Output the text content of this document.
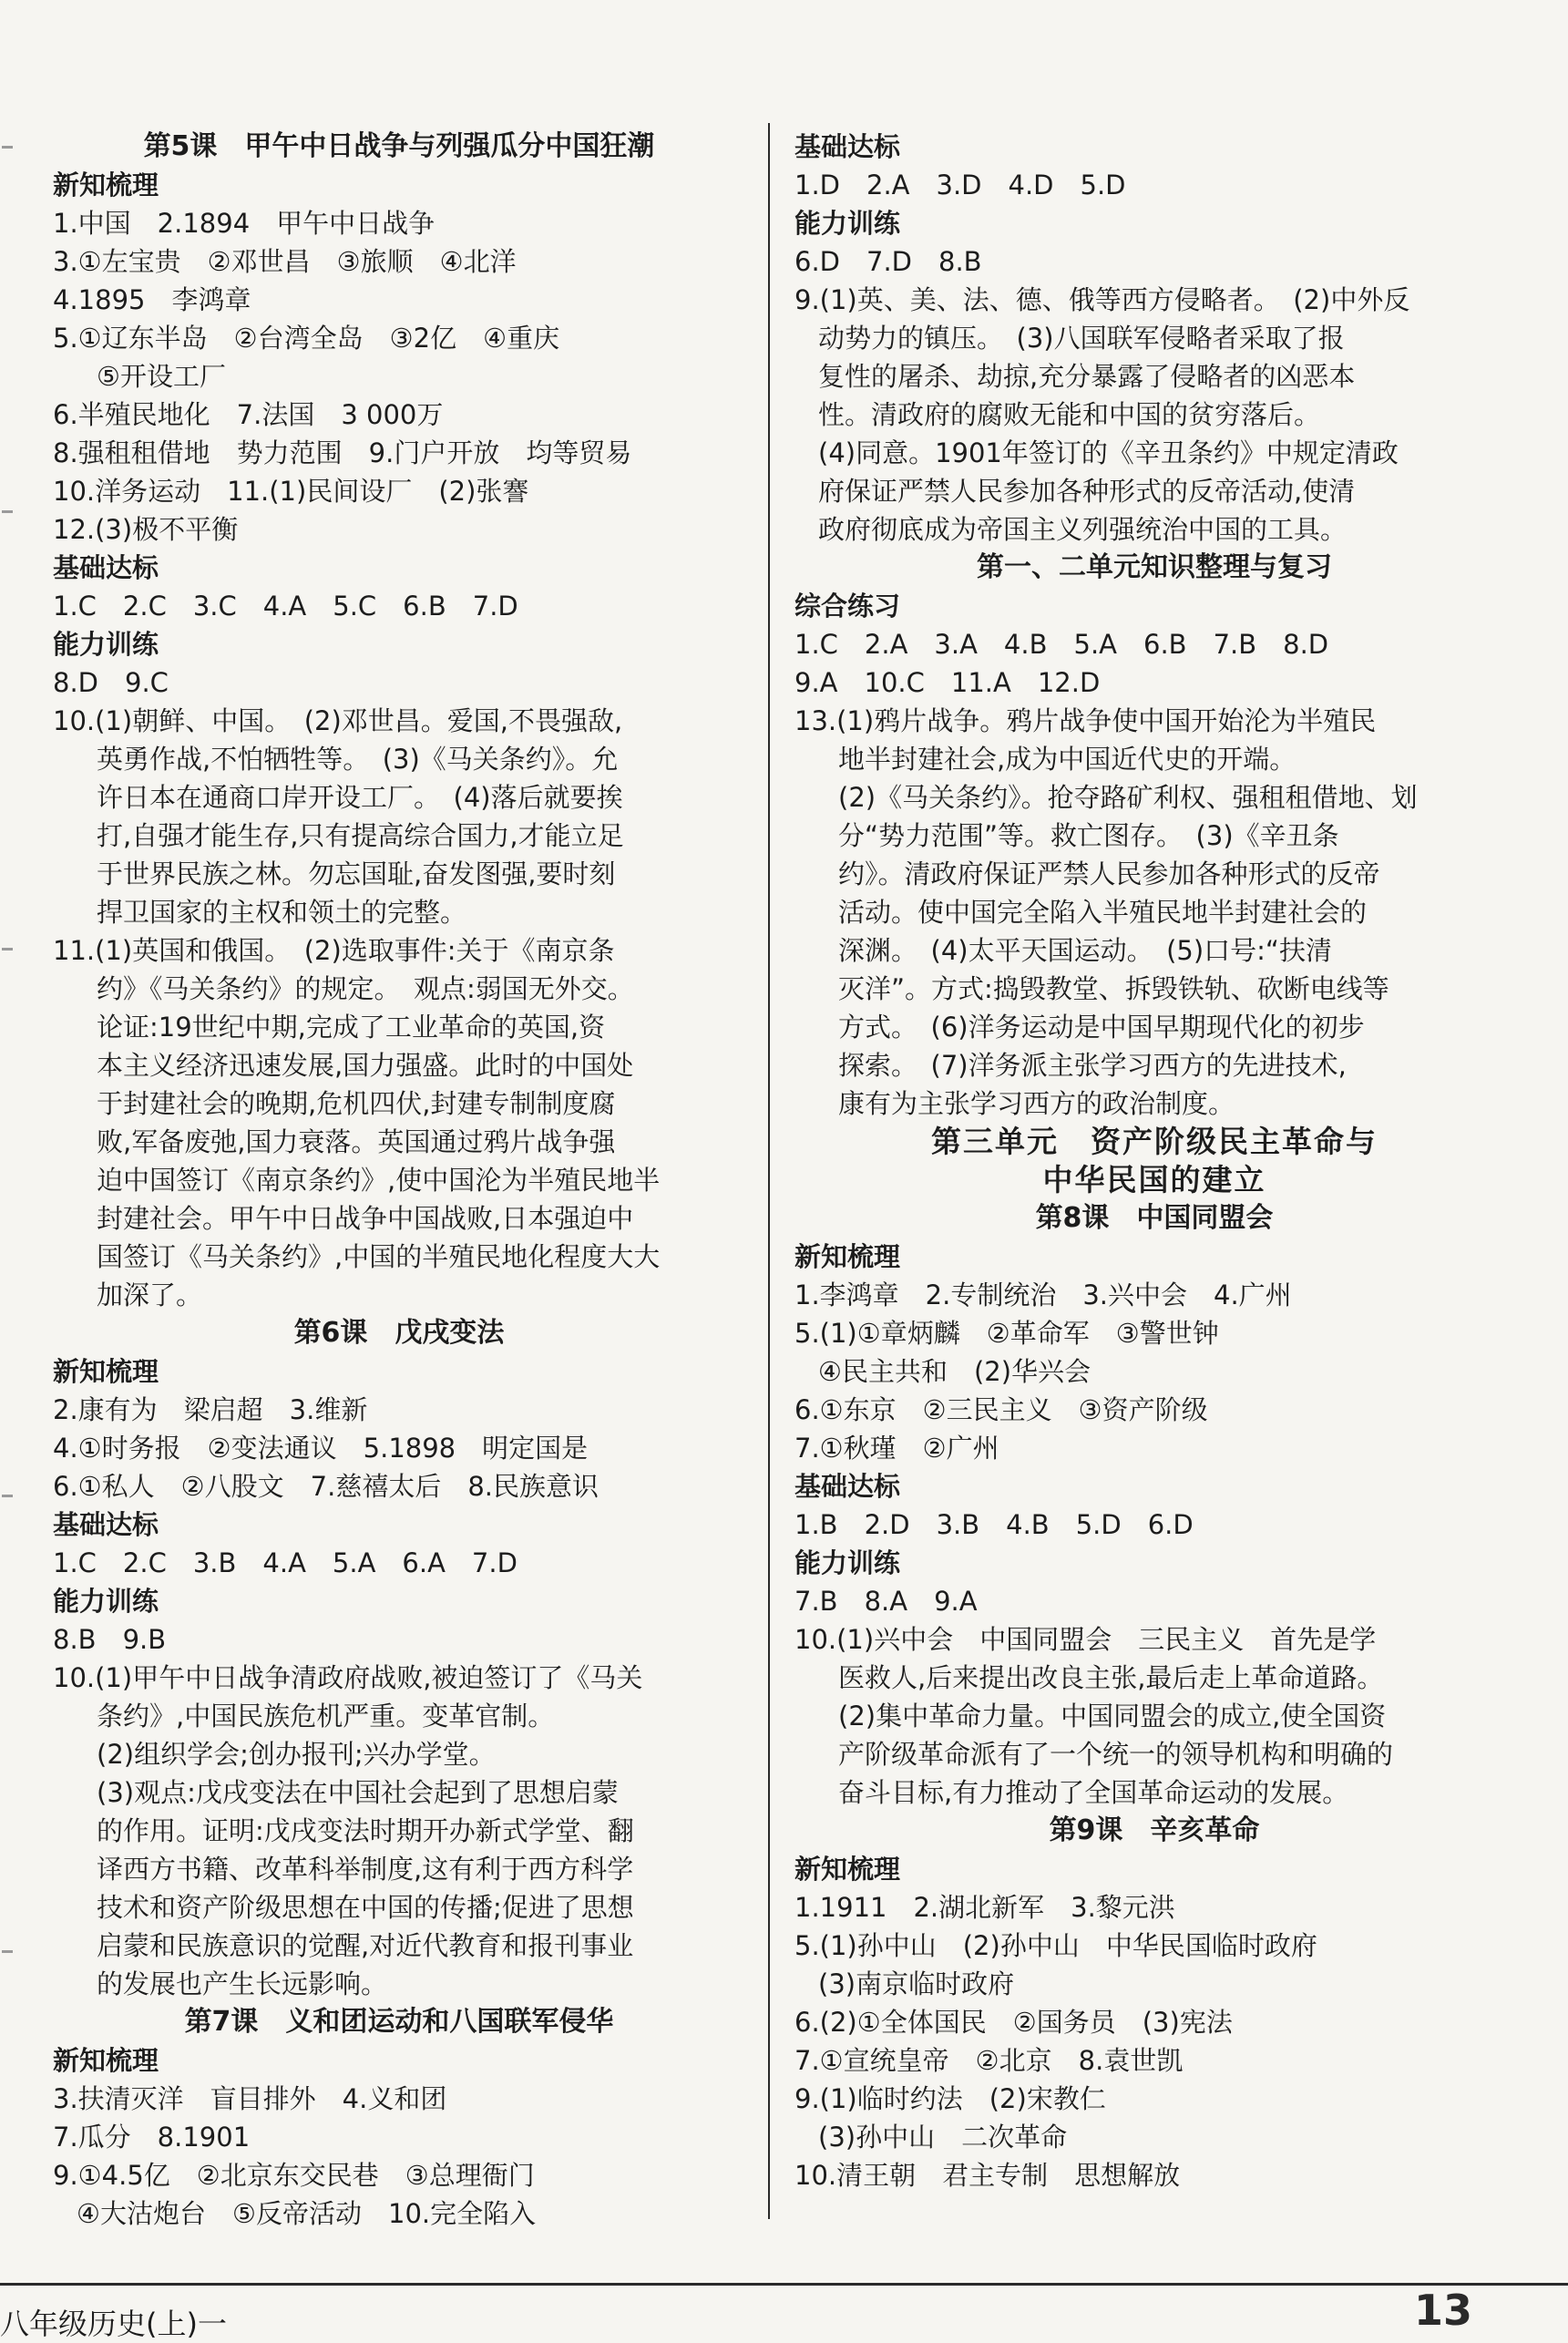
第5课　甲午中日战争与列强瓜分中国狂潮
新知梳理
1.中国　2.1894　甲午中日战争
3.①左宝贵　②邓世昌　③旅顺　④北洋
4.1895　李鸿章
5.①辽东半岛　②台湾全岛　③2亿　④重庆
⑤开设工厂
6.半殖民地化　7.法国　3 000万
8.强租租借地　势力范围　9.门户开放　均等贸易
10.洋务运动　11.(1)民间设厂　(2)张謇
12.(3)极不平衡
基础达标
1.C　2.C　3.C　4.A　5.C　6.B　7.D
能力训练
8.D　9.C
10.(1)朝鲜、中国。　(2)邓世昌。爱国,不畏强敌,
英勇作战,不怕牺牲等。　(3)《马关条约》。允
许日本在通商口岸开设工厂。　(4)落后就要挨
打,自强才能生存,只有提高综合国力,才能立足
于世界民族之林。勿忘国耻,奋发图强,要时刻
捍卫国家的主权和领土的完整。
11.(1)英国和俄国。　(2)选取事件:关于《南京条
约》《马关条约》的规定。　观点:弱国无外交。
论证:19世纪中期,完成了工业革命的英国,资
本主义经济迅速发展,国力强盛。此时的中国处
于封建社会的晚期,危机四伏,封建专制制度腐
败,军备废弛,国力衰落。英国通过鸦片战争强
迫中国签订《南京条约》,使中国沦为半殖民地半
封建社会。甲午中日战争中国战败,日本强迫中
国签订《马关条约》,中国的半殖民地化程度大大
加深了。
第6课　戊戌变法
新知梳理
2.康有为　梁启超　3.维新
4.①时务报　②变法通议　5.1898　明定国是
6.①私人　②八股文　7.慈禧太后　8.民族意识
基础达标
1.C　2.C　3.B　4.A　5.A　6.A　7.D
能力训练
8.B　9.B
10.(1)甲午中日战争清政府战败,被迫签订了《马关
条约》,中国民族危机严重。变革官制。
(2)组织学会;创办报刊;兴办学堂。
(3)观点:戊戌变法在中国社会起到了思想启蒙
的作用。证明:戊戌变法时期开办新式学堂、翻
译西方书籍、改革科举制度,这有利于西方科学
技术和资产阶级思想在中国的传播;促进了思想
启蒙和民族意识的觉醒,对近代教育和报刊事业
的发展也产生长远影响。
第7课　义和团运动和八国联军侵华
新知梳理
3.扶清灭洋　盲目排外　4.义和团
7.瓜分　8.1901
9.①4.5亿　②北京东交民巷　③总理衙门
④大沽炮台　⑤反帝活动　10.完全陷入
基础达标
1.D　2.A　3.D　4.D　5.D
能力训练
6.D　7.D　8.B
9.(1)英、美、法、德、俄等西方侵略者。　(2)中外反
动势力的镇压。　(3)八国联军侵略者采取了报
复性的屠杀、劫掠,充分暴露了侵略者的凶恶本
性。清政府的腐败无能和中国的贫穷落后。
(4)同意。1901年签订的《辛丑条约》中规定清政
府保证严禁人民参加各种形式的反帝活动,使清
政府彻底成为帝国主义列强统治中国的工具。
第一、二单元知识整理与复习
综合练习
1.C　2.A　3.A　4.B　5.A　6.B　7.B　8.D
9.A　10.C　11.A　12.D
13.(1)鸦片战争。鸦片战争使中国开始沦为半殖民
地半封建社会,成为中国近代史的开端。
(2)《马关条约》。抢夺路矿利权、强租租借地、划
分“势力范围”等。救亡图存。　(3)《辛丑条
约》。清政府保证严禁人民参加各种形式的反帝
活动。使中国完全陷入半殖民地半封建社会的
深渊。　(4)太平天国运动。　(5)口号:“扶清
灭洋”。方式:捣毁教堂、拆毁铁轨、砍断电线等
方式。　(6)洋务运动是中国早期现代化的初步
探索。　(7)洋务派主张学习西方的先进技术,
康有为主张学习西方的政治制度。
第三单元　资产阶级民主革命与
中华民国的建立
第8课　中国同盟会
新知梳理
1.李鸿章　2.专制统治　3.兴中会　4.广州
5.(1)①章炳麟　②革命军　③警世钟
④民主共和　(2)华兴会
6.①东京　②三民主义　③资产阶级
7.①秋瑾　②广州
基础达标
1.B　2.D　3.B　4.B　5.D　6.D
能力训练
7.B　8.A　9.A
10.(1)兴中会　中国同盟会　三民主义　首先是学
医救人,后来提出改良主张,最后走上革命道路。
(2)集中革命力量。中国同盟会的成立,使全国资
产阶级革命派有了一个统一的领导机构和明确的
奋斗目标,有力推动了全国革命运动的发展。
第9课　辛亥革命
新知梳理
1.1911　2.湖北新军　3.黎元洪
5.(1)孙中山　(2)孙中山　中华民国临时政府
(3)南京临时政府
6.(2)①全体国民　②国务员　(3)宪法
7.①宣统皇帝　②北京　8.袁世凯
9.(1)临时约法　(2)宋教仁
(3)孙中山　二次革命
10.清王朝　君主专制　思想解放
八年级历史(上)一	13
